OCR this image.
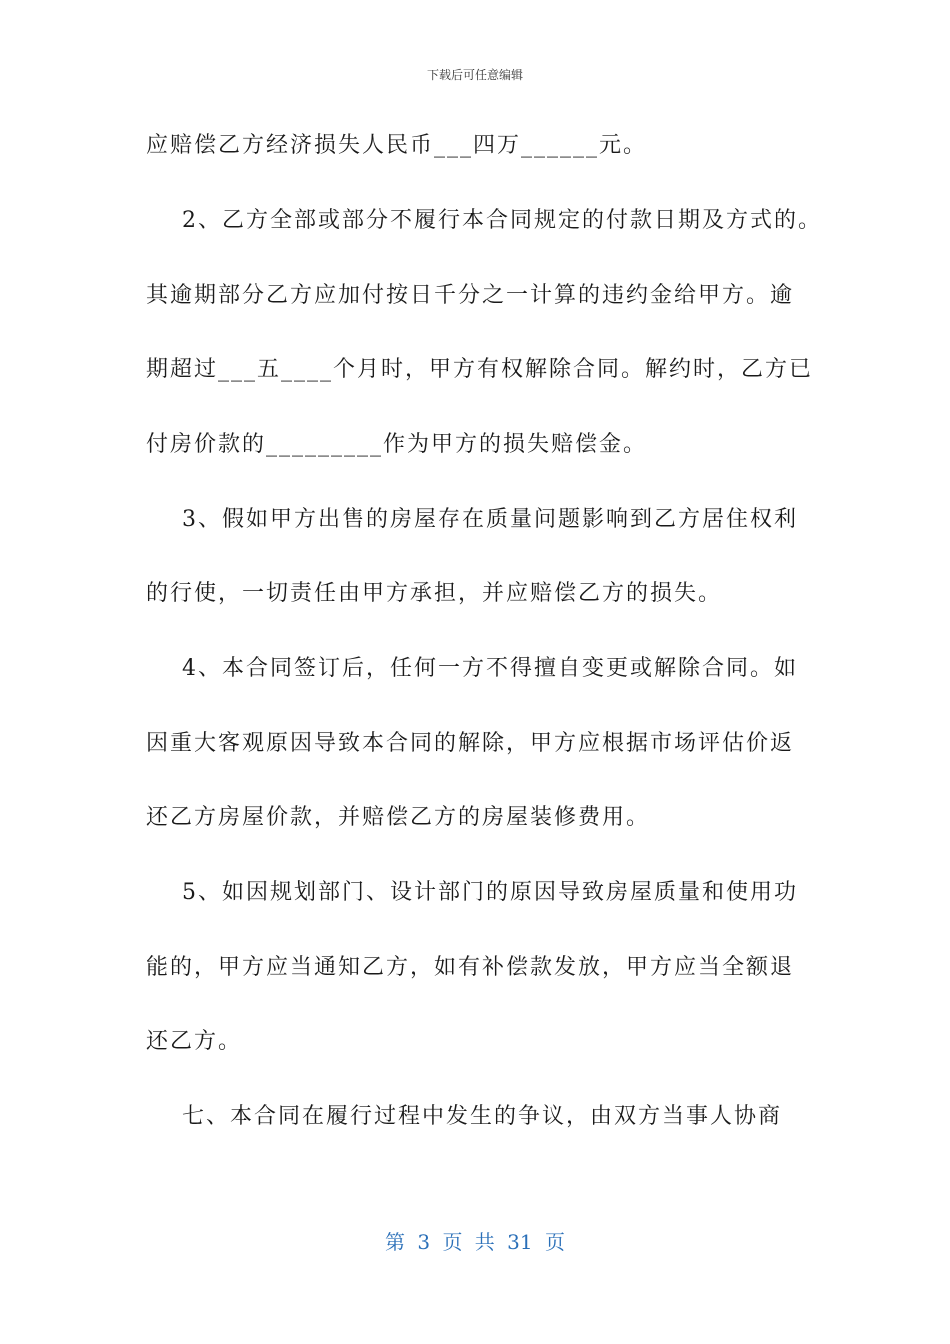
下载后可任意编辑
应赔偿乙方经济损失人民币___四万______元。
2、乙方全部或部分不履行本合同规定的付款日期及方式的。
其逾期部分乙方应加付按日千分之一计算的违约金给甲方。逾
期超过___五____个月时，甲方有权解除合同。解约时，乙方已
付房价款的_________作为甲方的损失赔偿金。
3、假如甲方出售的房屋存在质量问题影响到乙方居住权利
的行使，一切责任由甲方承担，并应赔偿乙方的损失。
4、本合同签订后，任何一方不得擅自变更或解除合同。如
因重大客观原因导致本合同的解除，甲方应根据市场评估价返
还乙方房屋价款，并赔偿乙方的房屋装修费用。
5、如因规划部门、设计部门的原因导致房屋质量和使用功
能的，甲方应当通知乙方，如有补偿款发放，甲方应当全额退
还乙方。
七、本合同在履行过程中发生的争议，由双方当事人协商
第 3 页 共 31 页
